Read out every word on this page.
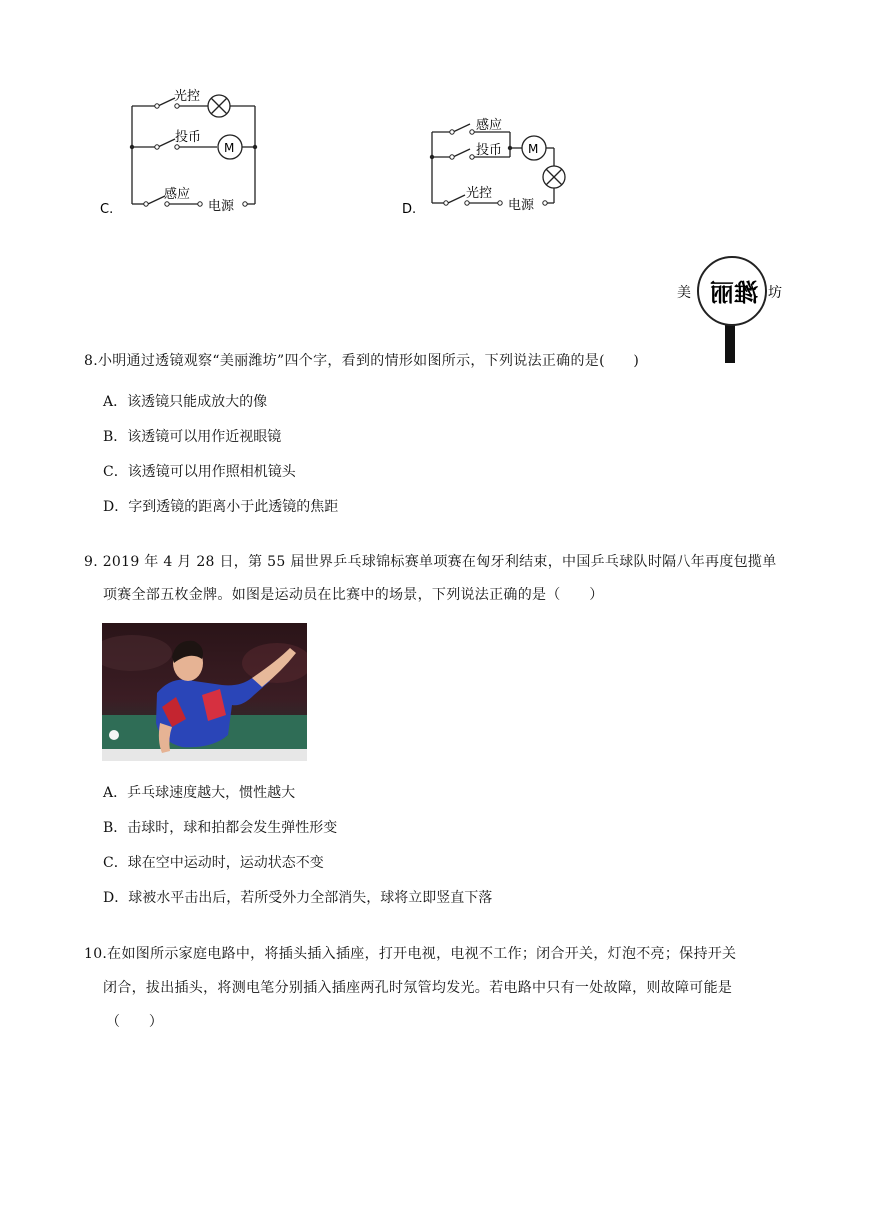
光控
投币
感应
电源
M
C.
感应
投币
光控
电源
M
D.
美	坊
潍丽
8.小明通过透镜观察“美丽潍坊”四个字，看到的情形如图所示，下列说法正确的是(　　)
A．该透镜只能成放大的像
B．该透镜可以用作近视眼镜
C．该透镜可以用作照相机镜头
D．字到透镜的距离小于此透镜的焦距
9. 2019 年 4 月 28 日，第 55 届世界乒乓球锦标赛单项赛在匈牙利结束，中国乒乓球队时隔八年再度包揽单
项赛全部五枚金牌。如图是运动员在比赛中的场景，下列说法正确的是（　　）
A．乒乓球速度越大，惯性越大
B．击球时，球和拍都会发生弹性形变
C．球在空中运动时，运动状态不变
D．球被水平击出后，若所受外力全部消失，球将立即竖直下落
10.在如图所示家庭电路中，将插头插入插座，打开电视，电视不工作；闭合开关，灯泡不亮；保持开关
闭合，拔出插头，将测电笔分别插入插座两孔时氖管均发光。若电路中只有一处故障，则故障可能是
（　　）
